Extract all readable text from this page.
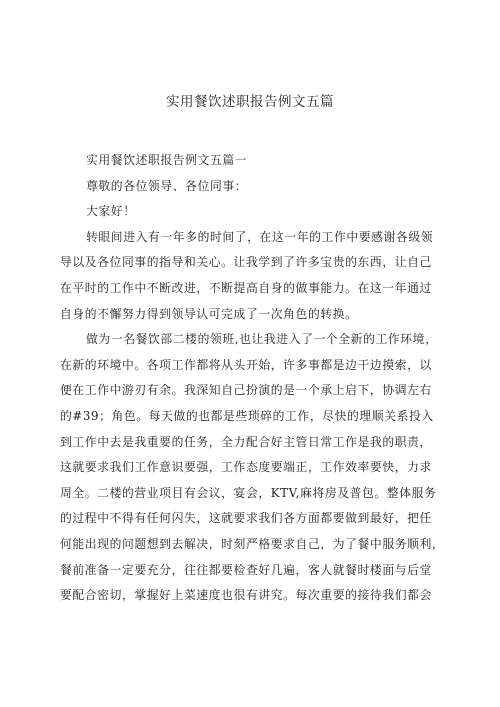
实用餐饮述职报告例文五篇
实用餐饮述职报告例文五篇一
尊敬的各位领导、各位同事：
大家好！
转眼间进入有一年多的时间了，在这一年的工作中要感谢各级领
导以及各位同事的指导和关心。让我学到了许多宝贵的东西，让自己
在平时的工作中不断改进，不断提高自身的做事能力。在这一年通过
自身的不懈努力得到领导认可完成了一次角色的转换。
做为一名餐饮部二楼的领班,也让我进入了一个全新的工作环境，
在新的环境中。各项工作都将从头开始，许多事都是边干边摸索，以
便在工作中游刃有余。我深知自己扮演的是一个承上启下，协调左右
的#39；角色。每天做的也都是些琐碎的工作，尽快的理顺关系投入
到工作中去是我重要的任务，全力配合好主管日常工作是我的职责，
这就要求我们工作意识要强，工作态度要端正，工作效率要快，力求
周全。二楼的营业项目有会议，宴会，KTV,麻将房及普包。整体服务
的过程中不得有任何闪失，这就要求我们各方面都要做到最好，把任
何能出现的问题想到去解决，时刻严格要求自己，为了餐中服务顺利，
餐前准备一定要充分，往往都要检查好几遍，客人就餐时楼面与后堂
要配合密切，掌握好上菜速度也很有讲究。每次重要的接待我们都会
